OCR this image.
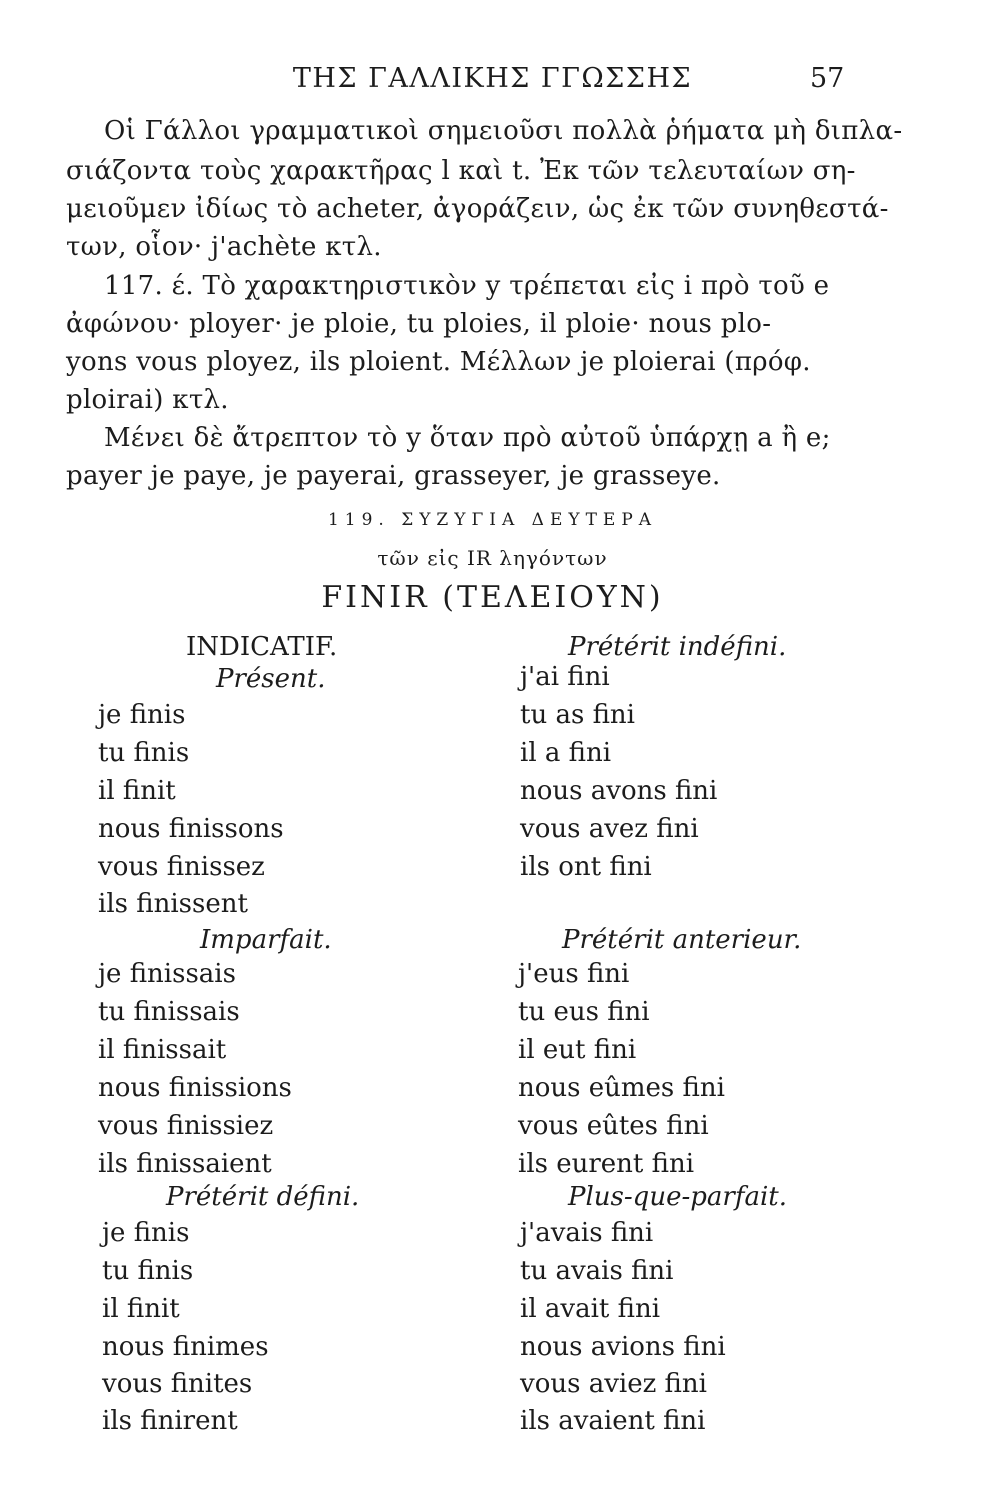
ΤΗΣ ΓΑΛΛΙΚΗΣ ΓΓΩΣΣΗΣ	57
Οἱ Γάλλοι γραμματικοὶ σημειοῦσι πολλὰ ῥήματα μὴ διπλα-
σιάζοντα τοὺς χαρακτῆρας l καὶ t. Ἐκ τῶν τελευταίων ση-
μειοῦμεν ἰδίως τὸ acheter, ἀγοράζειν, ὡς ἐκ τῶν συνηθεστά-
των, οἷον· j'achète κτλ.
117. έ. Τὸ χαρακτηριστικὸν y τρέπεται εἰς i πρὸ τοῦ e
ἀφώνου· ployer· je ploie, tu ploies, il ploie· nous plo-
yons vous ployez, ils ploient. Μέλλων je ploierai (πρόφ.
ploirai) κτλ.
Μένει δὲ ἄτρεπτον τὸ y ὅταν πρὸ αὐτοῦ ὑπάρχῃ a ἢ e;
payer je paye, je payerai, grasseyer, je grasseye.
119. ΣΥΖΥΓΙΑ ΔΕΥΤΕΡΑ
τῶν εἰς IR ληγόντων
FINIR (ΤΕΛΕΙΟΥΝ)
INDICATIF.
Présent.
je finis
tu finis
il finit
nous finissons
vous finissez
ils finissent
Imparfait.
je finissais
tu finissais
il finissait
nous finissions
vous finissiez
ils finissaient
Prétérit défini.
je finis
tu finis
il finit
nous finimes
vous finites
ils finirent
Prétérit indéfini.
j'ai fini
tu as fini
il a fini
nous avons fini
vous avez fini
ils ont fini
Prétérit anterieur.
j'eus fini
tu eus fini
il eut fini
nous eûmes fini
vous eûtes fini
ils eurent fini
Plus-que-parfait.
j'avais fini
tu avais fini
il avait fini
nous avions fini
vous aviez fini
ils avaient fini
